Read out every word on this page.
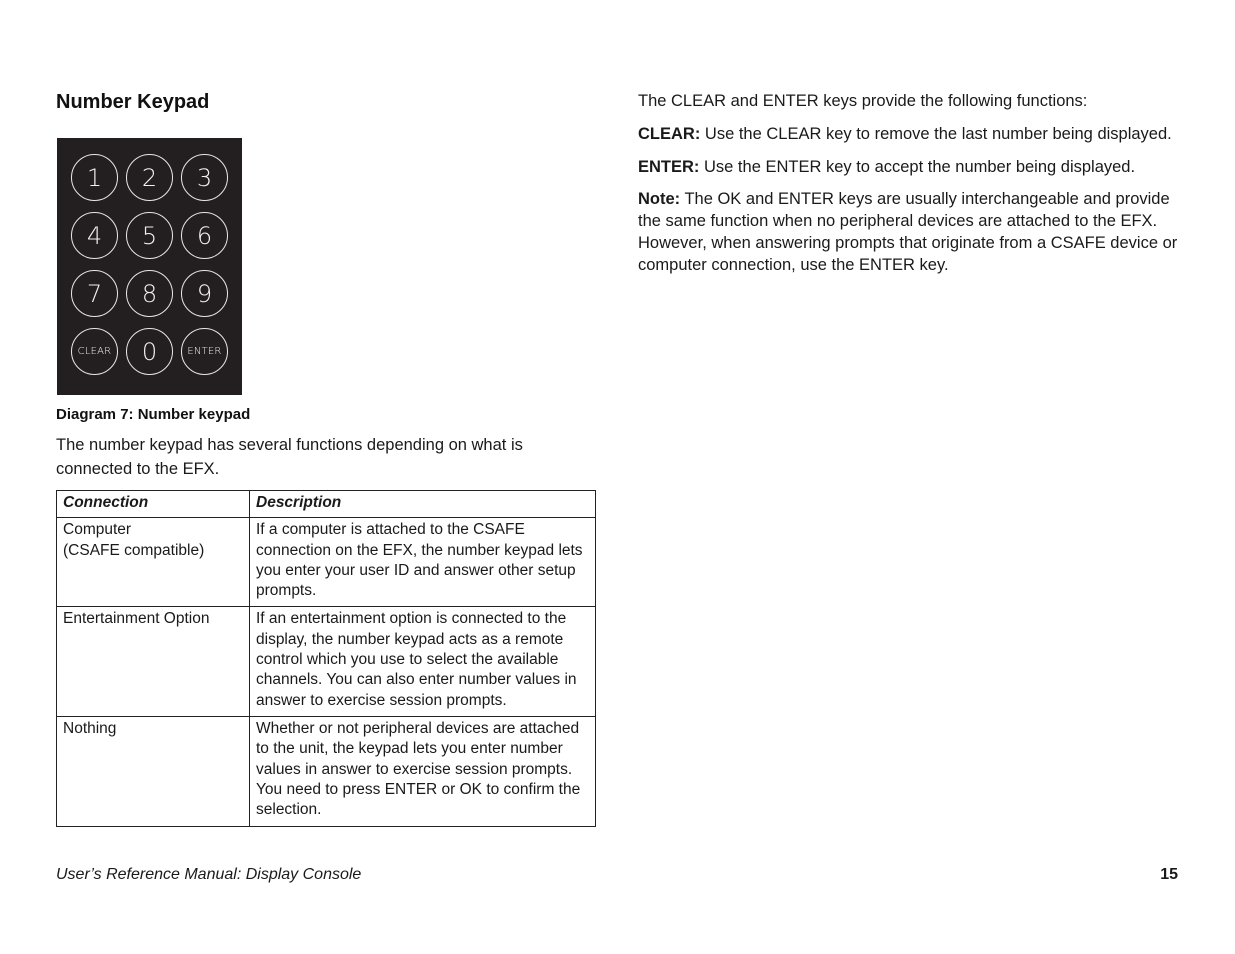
Number Keypad
1	2	3
4	5	6
7	8	9
CLEAR	0	ENTER
Diagram 7: Number keypad
The number keypad has several functions depending on what is connected to the EFX.
Connection	Description
Computer
(CSAFE compatible)	If a computer is attached to the CSAFE connection on the EFX, the number keypad lets you enter your user ID and answer other setup prompts.
Entertainment Option	If an entertainment option is connected to the display, the number keypad acts as a remote control which you use to select the available channels. You can also enter number values in answer to exercise session prompts.
Nothing	Whether or not peripheral devices are attached to the unit, the keypad lets you enter number values in answer to exercise session prompts. You need to press ENTER or OK to confirm the selection.

The CLEAR and ENTER keys provide the following functions:

CLEAR: Use the CLEAR key to remove the last number being displayed.

ENTER: Use the ENTER key to accept the number being displayed.

Note: The OK and ENTER keys are usually interchangeable and provide the same function when no peripheral devices are attached to the EFX. However, when answering prompts that originate from a CSAFE device or computer connection, use the ENTER key.

User’s Reference Manual: Display Console	15
